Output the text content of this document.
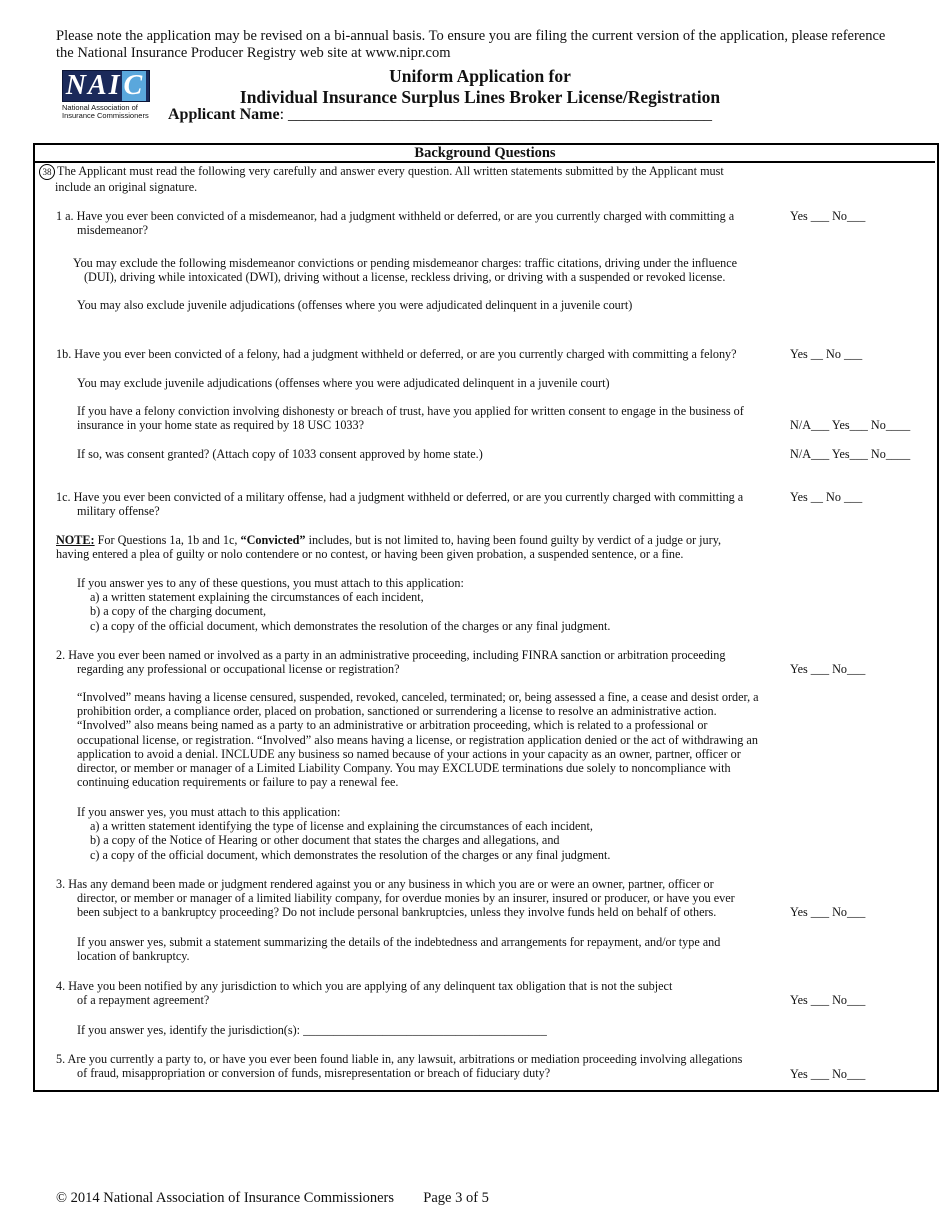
Please note the application may be revised on a bi-annual basis. To ensure you are filing the current version of the application, please reference the National Insurance Producer Registry web site at www.nipr.com
NAIC
National Association of
Insurance Commissioners
Uniform Application for
Individual Insurance Surplus Lines Broker License/Registration
Applicant Name: _____________________________________________________
Background Questions
38 The Applicant must read the following very carefully and answer every question. All written statements submitted by the Applicant must
include an original signature.
1 a. Have you ever been convicted of a misdemeanor, had a judgment withheld or deferred, or are you currently charged with committing a
misdemeanor?
Yes ___ No___
You may exclude the following misdemeanor convictions or pending misdemeanor charges: traffic citations, driving under the influence
(DUI), driving while intoxicated (DWI), driving without a license, reckless driving, or driving with a suspended or revoked license.
You may also exclude juvenile adjudications (offenses where you were adjudicated delinquent in a juvenile court)
1b. Have you ever been convicted of a felony, had a judgment withheld or deferred, or are you currently charged with committing a felony?	Yes __ No ___
You may exclude juvenile adjudications (offenses where you were adjudicated delinquent in a juvenile court)
If you have a felony conviction involving dishonesty or breach of trust, have you applied for written consent to engage in the business of
insurance in your home state as required by 18 USC 1033?	N/A___ Yes___ No____
If so, was consent granted? (Attach copy of 1033 consent approved by home state.)	N/A___ Yes___ No____
1c. Have you ever been convicted of a military offense, had a judgment withheld or deferred, or are you currently charged with committing a
military offense?
Yes __ No ___
NOTE: For Questions 1a, 1b and 1c, “Convicted” includes, but is not limited to, having been found guilty by verdict of a judge or jury,
having entered a plea of guilty or nolo contendere or no contest, or having been given probation, a suspended sentence, or a fine.
If you answer yes to any of these questions, you must attach to this application:
a) a written statement explaining the circumstances of each incident,
b) a copy of the charging document,
c) a copy of the official document, which demonstrates the resolution of the charges or any final judgment.
2. Have you ever been named or involved as a party in an administrative proceeding, including FINRA sanction or arbitration proceeding
regarding any professional or occupational license or registration?	Yes ___ No___
“Involved” means having a license censured, suspended, revoked, canceled, terminated; or, being assessed a fine, a cease and desist order, a
prohibition order, a compliance order, placed on probation, sanctioned or surrendering a license to resolve an administrative action.
“Involved” also means being named as a party to an administrative or arbitration proceeding, which is related to a professional or
occupational license, or registration. “Involved” also means having a license, or registration application denied or the act of withdrawing an
application to avoid a denial. INCLUDE any business so named because of your actions in your capacity as an owner, partner, officer or
director, or member or manager of a Limited Liability Company. You may EXCLUDE terminations due solely to noncompliance with
continuing education requirements or failure to pay a renewal fee.
If you answer yes, you must attach to this application:
a) a written statement identifying the type of license and explaining the circumstances of each incident,
b) a copy of the Notice of Hearing or other document that states the charges and allegations, and
c) a copy of the official document, which demonstrates the resolution of the charges or any final judgment.
3. Has any demand been made or judgment rendered against you or any business in which you are or were an owner, partner, officer or
director, or member or manager of a limited liability company, for overdue monies by an insurer, insured or producer, or have you ever
been subject to a bankruptcy proceeding? Do not include personal bankruptcies, unless they involve funds held on behalf of others.	Yes ___ No___
If you answer yes, submit a statement summarizing the details of the indebtedness and arrangements for repayment, and/or type and
location of bankruptcy.
4. Have you been notified by any jurisdiction to which you are applying of any delinquent tax obligation that is not the subject
of a repayment agreement?	Yes ___ No___
If you answer yes, identify the jurisdiction(s): ________________________________________
5. Are you currently a party to, or have you ever been found liable in, any lawsuit, arbitrations or mediation proceeding involving allegations
of fraud, misappropriation or conversion of funds, misrepresentation or breach of fiduciary duty?	Yes ___ No___
© 2014 National Association of Insurance Commissioners Page 3 of 5
